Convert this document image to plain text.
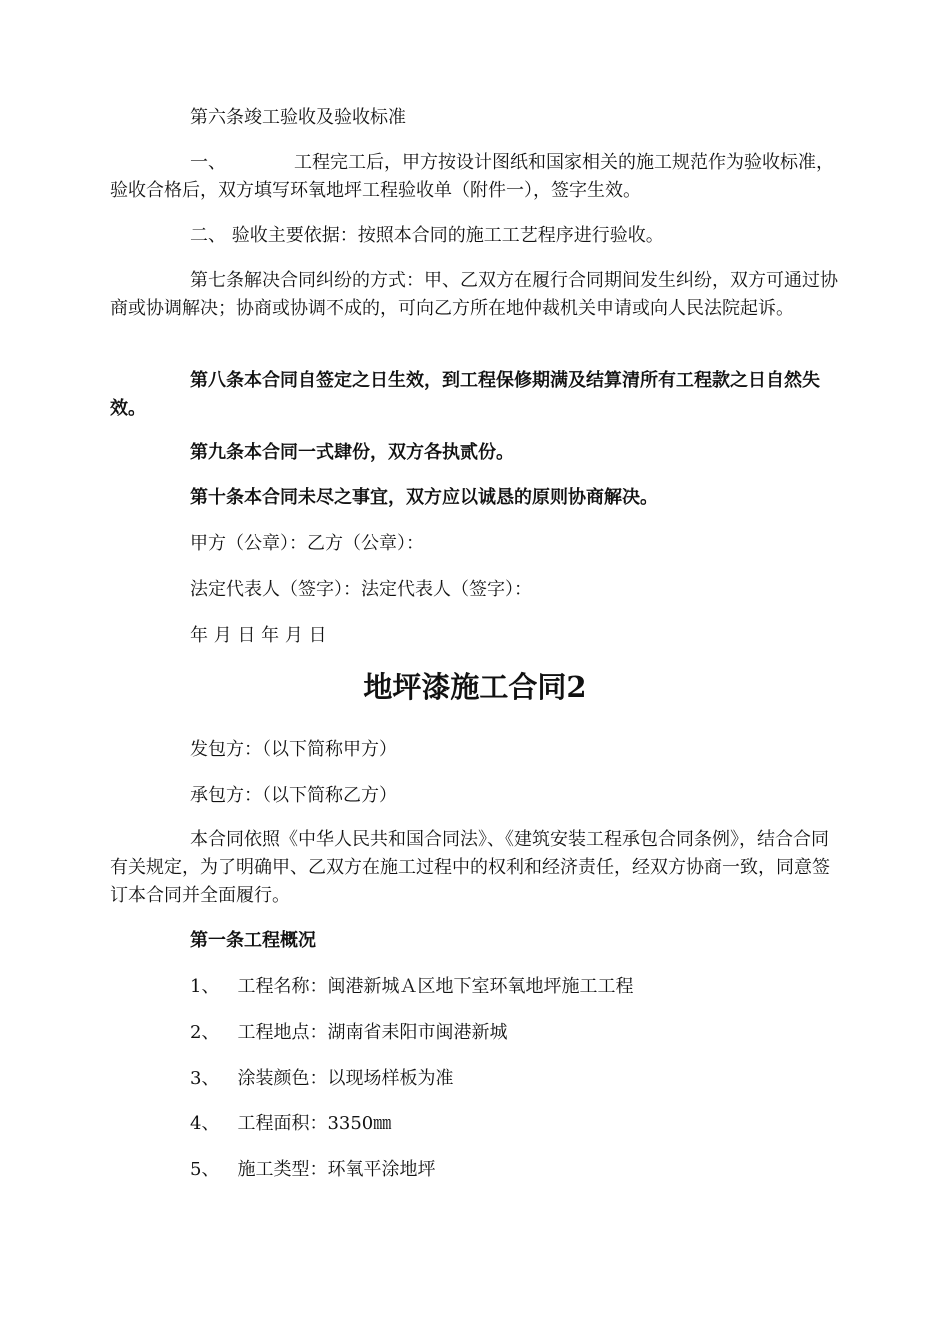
第六条竣工验收及验收标准

一、	工程完工后，甲方按设计图纸和国家相关的施工规范作为验收标准， 验收合格后，双方填写环氧地坪工程验收单（附件一），签字生效。

二、 验收主要依据：按照本合同的施工工艺程序进行验收。

第七条解决合同纠纷的方式：甲、乙双方在履行合同期间发生纠纷，双方可通过协商或协调解决；协商或协调不成的，可向乙方所在地仲裁机关申请或向人民法院起诉。

第八条本合同自签定之日生效，到工程保修期满及结算清所有工程款之日自然失效。

第九条本合同一式肆份，双方各执贰份。

第十条本合同未尽之事宜，双方应以诚恳的原则协商解决。

甲方（公章）：乙方（公章）：

法定代表人（签字）：法定代表人（签字）：

年 月 日 年 月 日

地坪漆施工合同2

发包方：（以下简称甲方）

承包方：（以下简称乙方）

本合同依照《中华人民共和国合同法》、《建筑安装工程承包合同条例》，结合合同有关规定，为了明确甲、乙双方在施工过程中的权利和经济责任，经双方协商一致，同意签订本合同并全面履行。

第一条工程概况

1、 工程名称：闽港新城Ａ区地下室环氧地坪施工工程

2、 工程地点：湖南省耒阳市闽港新城

3、 涂装颜色：以现场样板为准

4、 工程面积：3350㎜

5、 施工类型：环氧平涂地坪
